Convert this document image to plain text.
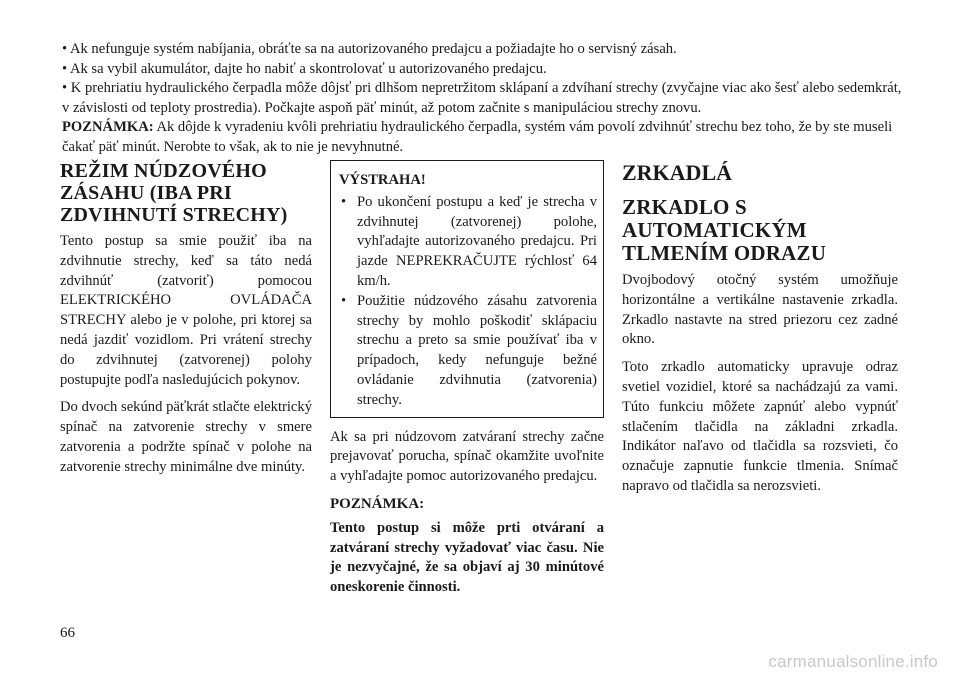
• Ak nefunguje systém nabíjania, obráťte sa na autorizovaného predajcu a požiadajte ho o servisný zásah.

• Ak sa vybil akumulátor, dajte ho nabiť a skontrolovať u autorizovaného predajcu.

• K prehriatiu hydraulického čerpadla môže dôjsť pri dlhšom nepretržitom sklápaní a zdvíhaní strechy (zvyčajne viac ako šesť alebo sedemkrát, v závislosti od teploty prostredia). Počkajte aspoň päť minút, až potom začnite s manipuláciou strechy znovu.

POZNÁMKA: Ak dôjde k vyradeniu kvôli prehriatiu hydraulického čerpadla, systém vám povolí zdvihnúť strechu bez toho, že by ste museli čakať päť minút. Nerobte to však, ak to nie je nevyhnutné.

REŽIM NÚDZOVÉHO ZÁSAHU (IBA PRI ZDVIHNUTÍ STRECHY)

Tento postup sa smie použiť iba na zdvihnutie strechy, keď sa táto nedá zdvihnúť (zatvoriť) pomocou ELEKTRICKÉHO OVLÁDAČA STRECHY alebo je v polohe, pri ktorej sa nedá jazdiť vozidlom. Pri vrátení strechy do zdvihnutej (zatvorenej) polohy postupujte podľa nasledujúcich pokynov.

Do dvoch sekúnd päťkrát stlačte elektrický spínač na zatvorenie strechy v smere zatvorenia a podržte spínač v polohe na zatvorenie strechy minimálne dve minúty.

VÝSTRAHA!

• Po ukončení postupu a keď je strecha v zdvihnutej (zatvorenej) polohe, vyhľadajte autorizovaného predajcu. Pri jazde NEPREKRAČUJTE rýchlosť 64 km/h.
• Použitie núdzového zásahu zatvorenia strechy by mohlo poškodiť sklápaciu strechu a preto sa smie používať iba v prípadoch, kedy nefunguje bežné ovládanie zdvihnutia (zatvorenia) strechy.

Ak sa pri núdzovom zatváraní strechy začne prejavovať porucha, spínač okamžite uvoľnite a vyhľadajte pomoc autorizovaného predajcu.

POZNÁMKA:

Tento postup si môže prti otváraní a zatváraní strechy vyžadovať viac času. Nie je nezvyčajné, že sa objaví aj 30 minútové oneskorenie činnosti.

ZRKADLÁ
ZRKADLO S AUTOMATICKÝM TLMENÍM ODRAZU

Dvojbodový otočný systém umožňuje horizontálne a vertikálne nastavenie zrkadla. Zrkadlo nastavte na stred priezoru cez zadné okno.

Toto zrkadlo automaticky upravuje odraz svetiel vozidiel, ktoré sa nachádzajú za vami. Túto funkciu môžete zapnúť alebo vypnúť stlačením tlačidla na základni zrkadla. Indikátor naľavo od tlačidla sa rozsvieti, čo označuje zapnutie funkcie tlmenia. Snímač napravo od tlačidla sa nerozsvieti.

66
carmanualsonline.info
